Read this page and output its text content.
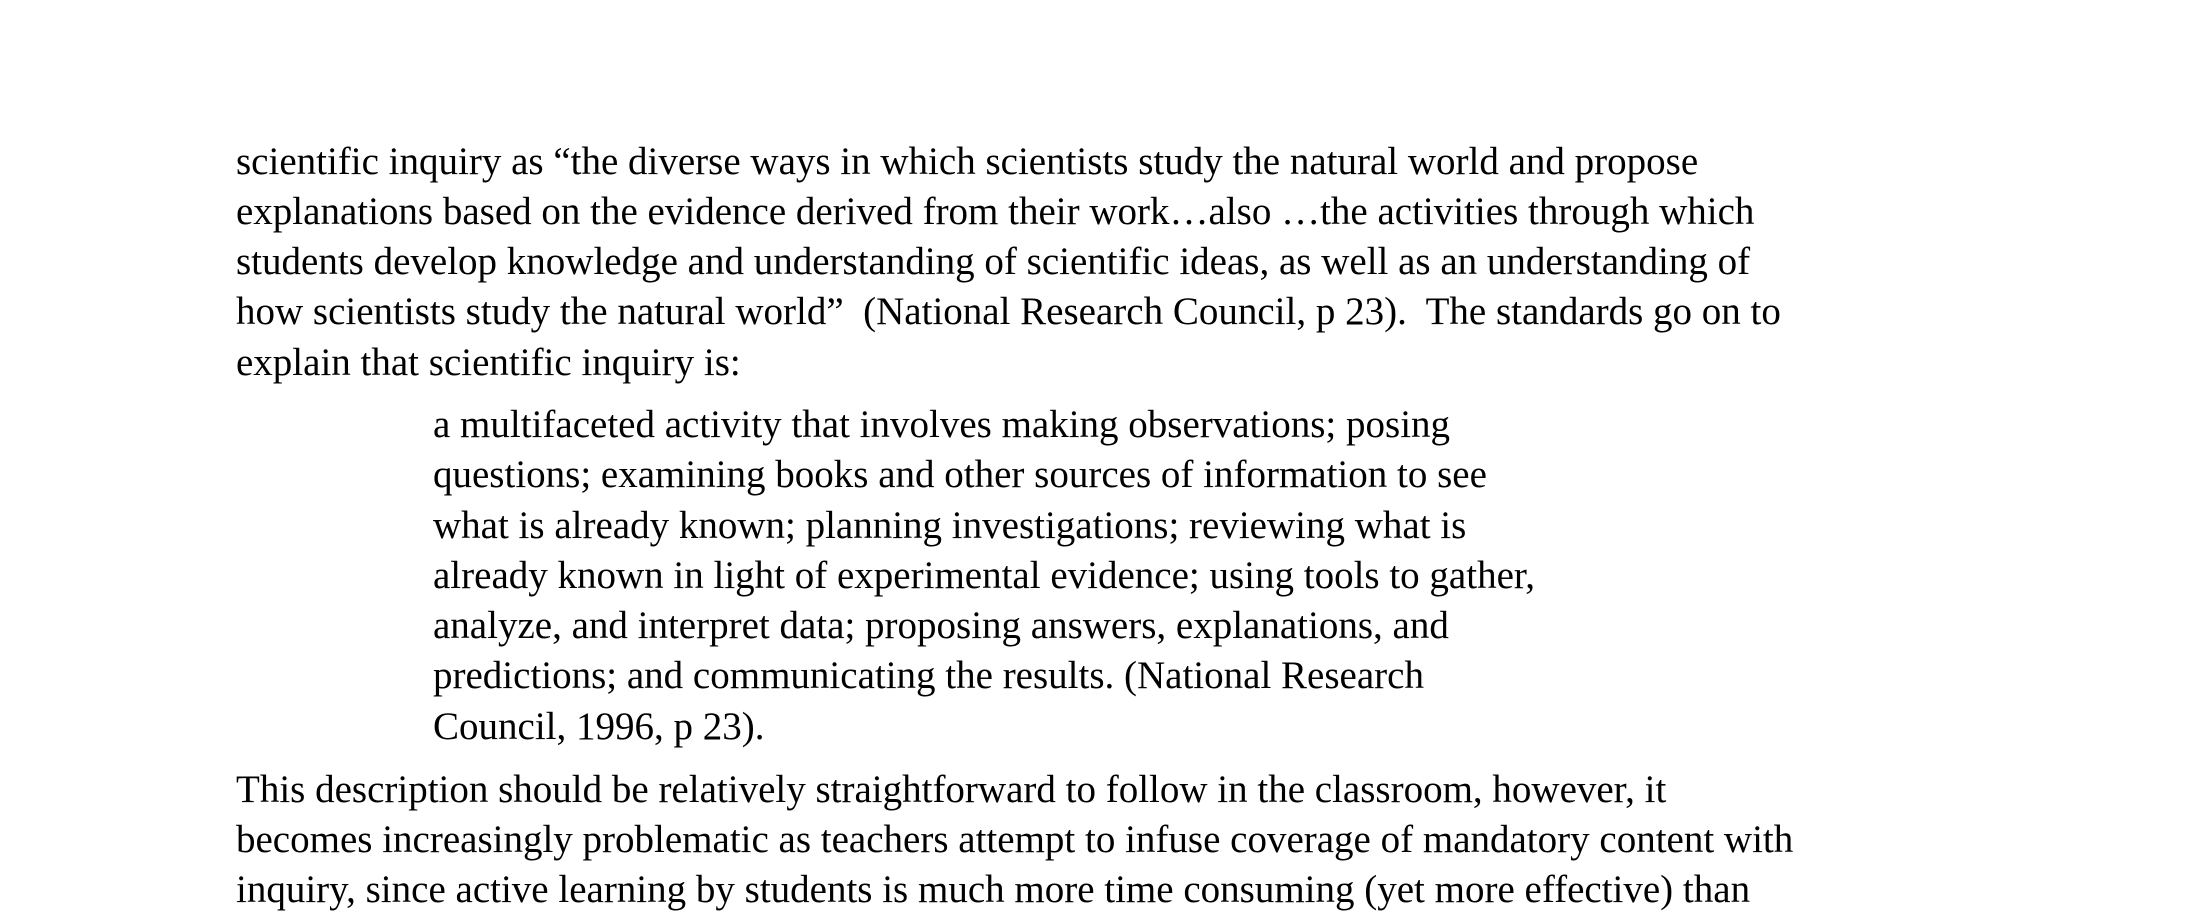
scientific inquiry as “the diverse ways in which scientists study the natural world and propose
explanations based on the evidence derived from their work…also …the activities through which
students develop knowledge and understanding of scientific ideas, as well as an understanding of
how scientists study the natural world”  (National Research Council, p 23).  The standards go on to
explain that scientific inquiry is:
a multifaceted activity that involves making observations; posing
questions; examining books and other sources of information to see
what is already known; planning investigations; reviewing what is
already known in light of experimental evidence; using tools to gather,
analyze, and interpret data; proposing answers, explanations, and
predictions; and communicating the results. (National Research
Council, 1996, p 23).
This description should be relatively straightforward to follow in the classroom, however, it
becomes increasingly problematic as teachers attempt to infuse coverage of mandatory content with
inquiry, since active learning by students is much more time consuming (yet more effective) than
